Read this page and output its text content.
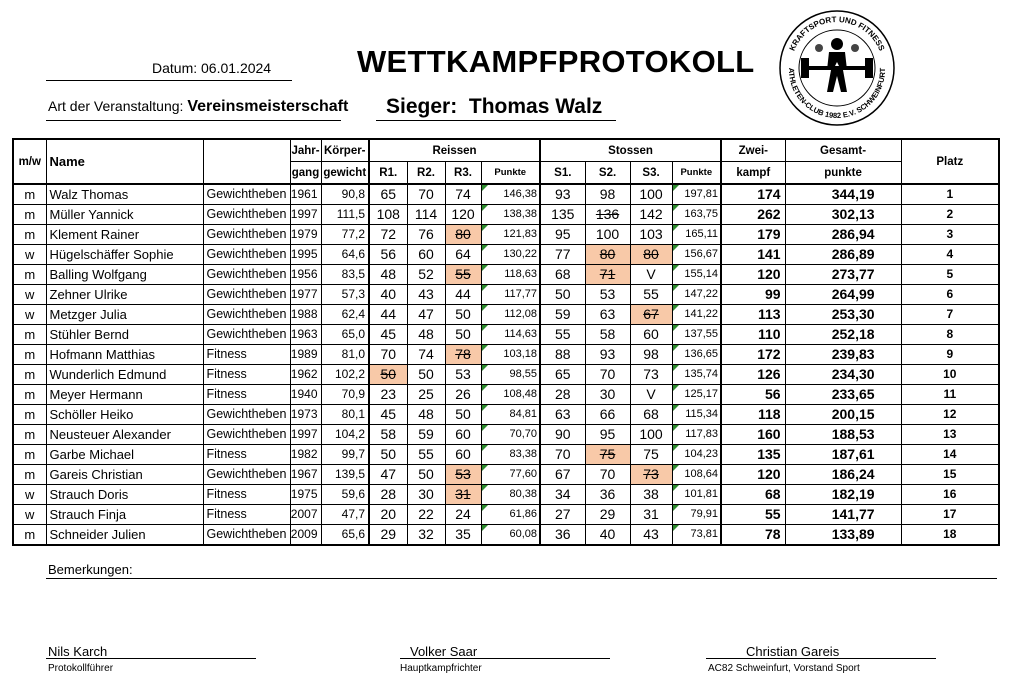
Datum: 06.01.2024	WETTKAMPFPROTOKOLL
Art der Veranstaltung: Vereinsmeisterschaft Sieger: Thomas Walz
KRAFTSPORT UND FITNESS
ATHLETEN-CLUB 1982 E.V. SCHWEINFURT
m/w	Name		Jahr-	Körper-	Reissen				Stossen				Zwei-	Gesamt-	Platz
			gang	gewicht	R1.	R2.	R3.	Punkte	S1.	S2.	S3.	Punkte	kampf	punkte	
m	Walz Thomas	Gewichtheben	1961	90,8	65	70	74	146,38	93	98	100	197,81	174	344,19	1
m	Müller Yannick	Gewichtheben	1997	111,5	108	114	120	138,38	135	136	142	163,75	262	302,13	2
m	Klement Rainer	Gewichtheben	1979	77,2	72	76	80	121,83	95	100	103	165,11	179	286,94	3
w	Hügelschäffer Sophie	Gewichtheben	1995	64,6	56	60	64	130,22	77	80	80	156,67	141	286,89	4
m	Balling Wolfgang	Gewichtheben	1956	83,5	48	52	55	118,63	68	71	V	155,14	120	273,77	5
w	Zehner Ulrike	Gewichtheben	1977	57,3	40	43	44	117,77	50	53	55	147,22	99	264,99	6
w	Metzger Julia	Gewichtheben	1988	62,4	44	47	50	112,08	59	63	67	141,22	113	253,30	7
m	Stühler Bernd	Gewichtheben	1963	65,0	45	48	50	114,63	55	58	60	137,55	110	252,18	8
m	Hofmann Matthias	Fitness	1989	81,0	70	74	78	103,18	88	93	98	136,65	172	239,83	9
m	Wunderlich Edmund	Fitness	1962	102,2	50	50	53	98,55	65	70	73	135,74	126	234,30	10
m	Meyer Hermann	Fitness	1940	70,9	23	25	26	108,48	28	30	V	125,17	56	233,65	11
m	Schöller Heiko	Gewichtheben	1973	80,1	45	48	50	84,81	63	66	68	115,34	118	200,15	12
m	Neusteuer Alexander	Gewichtheben	1997	104,2	58	59	60	70,70	90	95	100	117,83	160	188,53	13
m	Garbe Michael	Fitness	1982	99,7	50	55	60	83,38	70	75	75	104,23	135	187,61	14
m	Gareis Christian	Gewichtheben	1967	139,5	47	50	53	77,60	67	70	73	108,64	120	186,24	15
w	Strauch Doris	Fitness	1975	59,6	28	30	31	80,38	34	36	38	101,81	68	182,19	16
w	Strauch Finja	Fitness	2007	47,7	20	22	24	61,86	27	29	31	79,91	55	141,77	17
m	Schneider Julien	Gewichtheben	2009	65,6	29	32	35	60,08	36	40	43	73,81	78	133,89	18
Bemerkungen:
Nils Karch
Protokollführer
Volker Saar
Hauptkampfrichter
Christian Gareis
AC82 Schweinfurt, Vorstand Sport
